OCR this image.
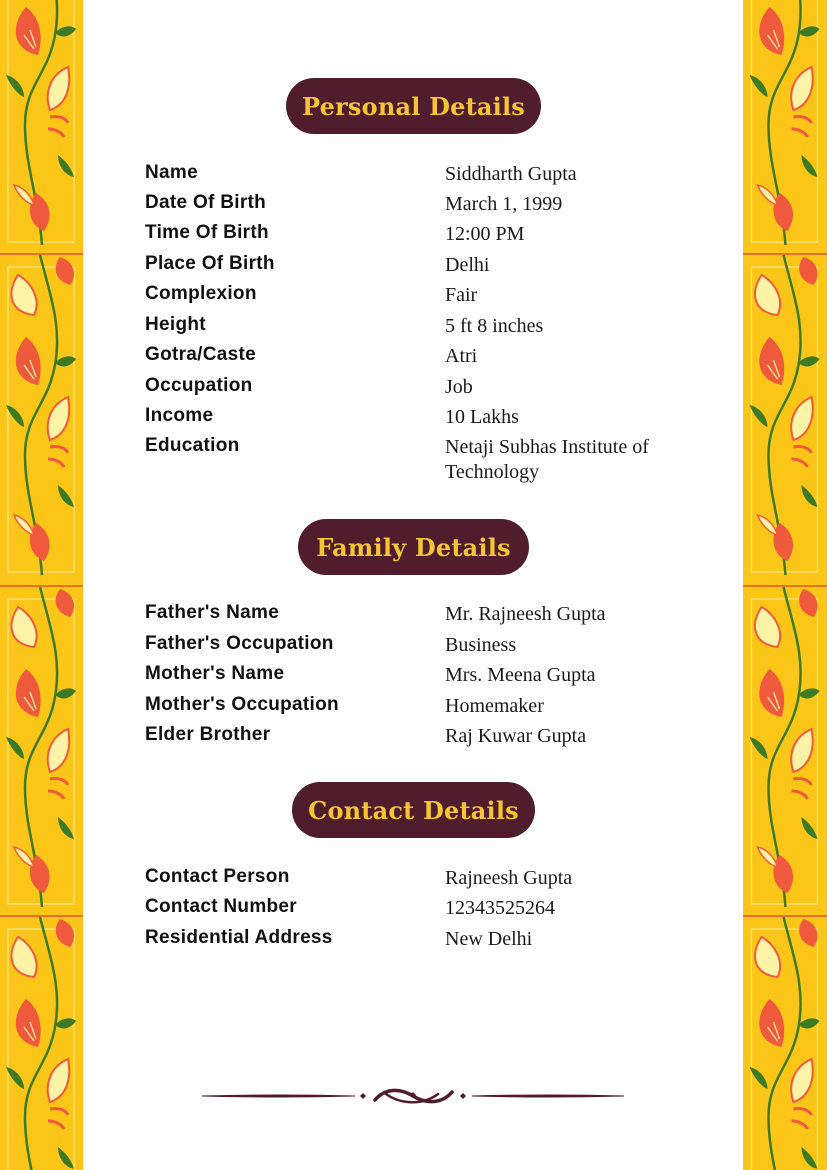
Personal Details
Name	Siddharth Gupta
Date Of Birth	March 1, 1999
Time Of Birth	12:00 PM
Place Of Birth	Delhi
Complexion	Fair
Height	5 ft 8 inches
Gotra/Caste	Atri
Occupation	Job
Income	10 Lakhs
Education	Netaji Subhas Institute of Technology
Family Details
Father's Name	Mr. Rajneesh Gupta
Father's Occupation	Business
Mother's Name	Mrs. Meena Gupta
Mother's Occupation	Homemaker
Elder Brother	Raj Kuwar Gupta
Contact Details
Contact Person	Rajneesh Gupta
Contact Number	12343525264
Residential Address	New Delhi
